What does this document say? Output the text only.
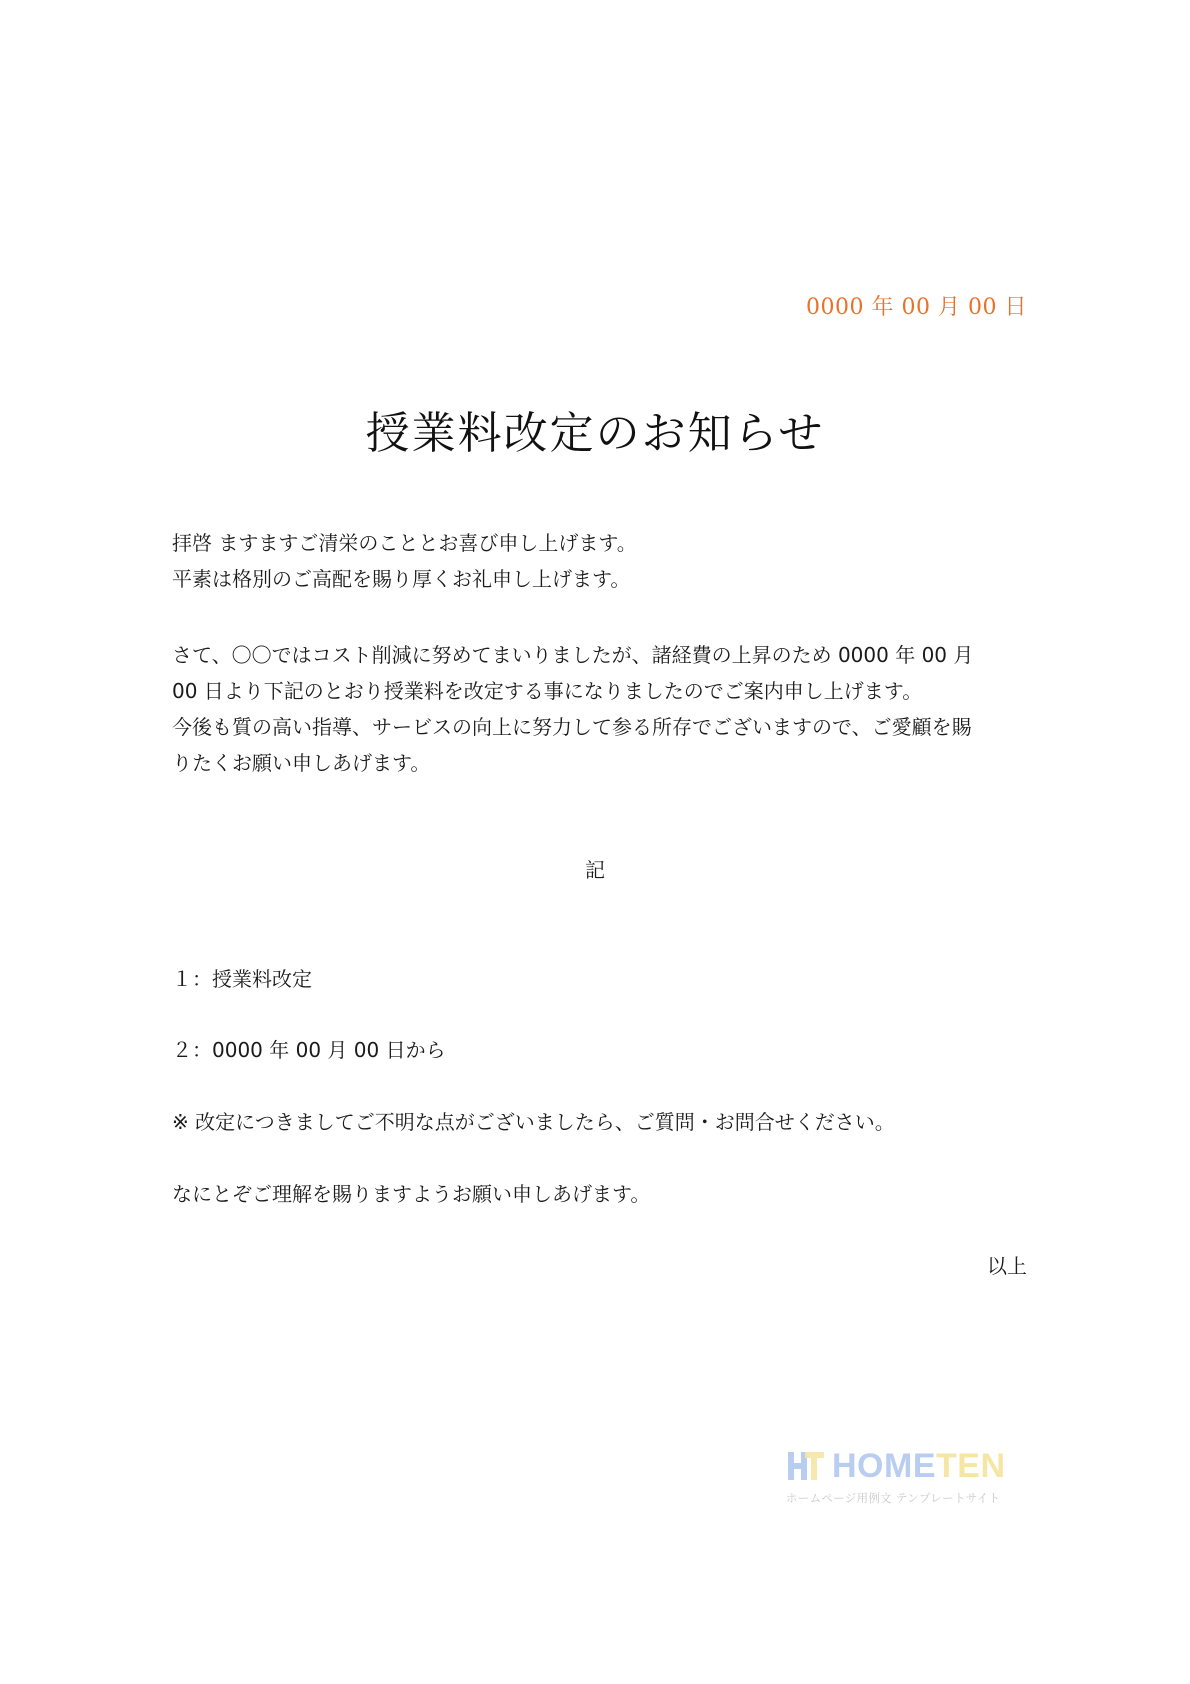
0000 年 00 月 00 日
授業料改定のお知らせ
拝啓 ますますご清栄のこととお喜び申し上げます。
平素は格別のご高配を賜り厚くお礼申し上げます。
さて、〇〇ではコスト削減に努めてまいりましたが、諸経費の上昇のため 0000 年 00 月
00 日より下記のとおり授業料を改定する事になりましたのでご案内申し上げます。
今後も質の高い指導、サービスの向上に努力して参る所存でございますので、ご愛顧を賜
りたくお願い申しあげます。
記
１：授業料改定
２：0000 年 00 月 00 日から
※ 改定につきましてご不明な点がございましたら、ご質問・お問合せください。
なにとぞご理解を賜りますようお願い申しあげます。
以上
HOMETEN
ホームページ用例文 テンプレートサイト
